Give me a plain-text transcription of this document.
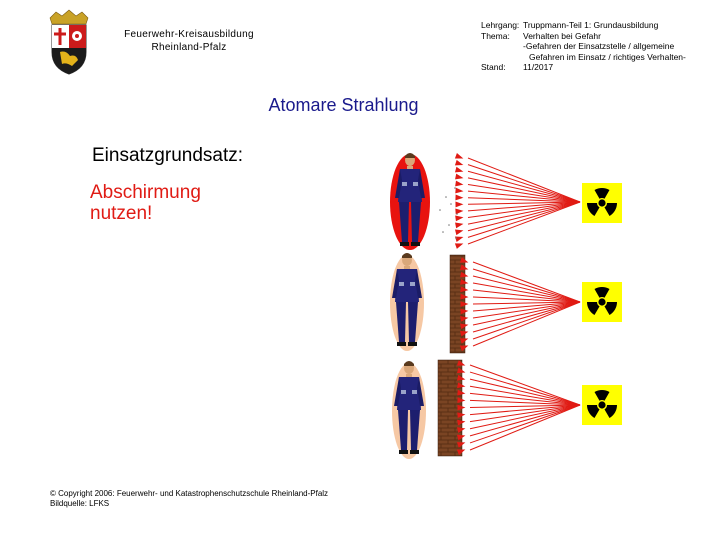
Feuerwehr-Kreisausbildung
Rheinland-Pfalz
Lehrgang:	Truppmann-Teil 1: Grundausbildung
Thema:	Verhalten bei Gefahr
	-Gefahren der Einsatzstelle / allgemeine
	Gefahren im Einsatz / richtiges Verhalten-
Stand:	11/2017
Atomare Strahlung
Einsatzgrundsatz:
Abschirmung
nutzen!
© Copyright 2006: Feuerwehr- und Katastrophenschutzschule Rheinland-Pfalz
Bildquelle: LFKS
